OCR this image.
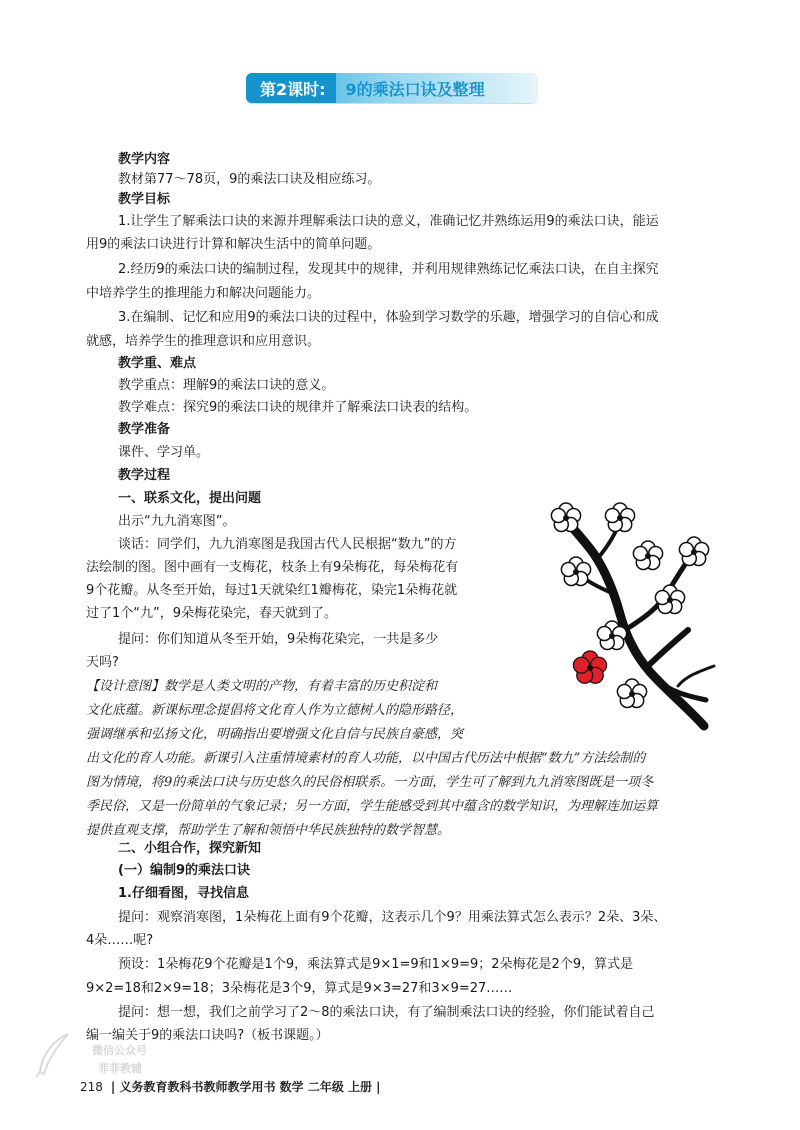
第2课时:	9的乘法口诀及整理
教学内容
教材第77～78页，9的乘法口诀及相应练习。
教学目标
1.让学生了解乘法口诀的来源并理解乘法口诀的意义，准确记忆并熟练运用9的乘法口诀，能运
用9的乘法口诀进行计算和解决生活中的简单问题。
2.经历9的乘法口诀的编制过程，发现其中的规律，并利用规律熟练记忆乘法口诀，在自主探究
中培养学生的推理能力和解决问题能力。
3.在编制、记忆和应用9的乘法口诀的过程中，体验到学习数学的乐趣，增强学习的自信心和成
就感，培养学生的推理意识和应用意识。
教学重、难点
教学重点：理解9的乘法口诀的意义。
教学难点：探究9的乘法口诀的规律并了解乘法口诀表的结构。
教学准备
课件、学习单。
教学过程
一、联系文化，提出问题
出示“九九消寒图”。
谈话：同学们，九九消寒图是我国古代人民根据“数九”的方
法绘制的图。图中画有一支梅花，枝条上有9朵梅花，每朵梅花有
9个花瓣。从冬至开始，每过1天就染红1瓣梅花，染完1朵梅花就
过了1个“九”，9朵梅花染完，春天就到了。
提问：你们知道从冬至开始，9朵梅花染完，一共是多少
天吗?
【设计意图】数学是人类文明的产物，有着丰富的历史积淀和
文化底蕴。新课标理念提倡将文化育人作为立德树人的隐形路径，
强调继承和弘扬文化，明确指出要增强文化自信与民族自豪感，突
出文化的育人功能。新课引入注重情境素材的育人功能，以中国古代历法中根据“数九”方法绘制的
图为情境，将9的乘法口诀与历史悠久的民俗相联系。一方面，学生可了解到九九消寒图既是一项冬
季民俗，又是一份简单的气象记录；另一方面，学生能感受到其中蕴含的数学知识，为理解连加运算
提供直观支撑，帮助学生了解和领悟中华民族独特的数学智慧。
二、小组合作，探究新知
(一）编制9的乘法口诀
1.仔细看图，寻找信息
提问：观察消寒图，1朵梅花上面有9个花瓣，这表示几个9？用乘法算式怎么表示？2朵、3朵、
4朵……呢?
预设：1朵梅花9个花瓣是1个9，乘法算式是9×1=9和1×9=9；2朵梅花是2个9，算式是
9×2=18和2×9=18；3朵梅花是3个9，算式是9×3=27和3×9=27……
提问：想一想，我们之前学习了2～8的乘法口诀，有了编制乘法口诀的经验，你们能试着自己
编一编关于9的乘法口诀吗?（板书课题。）
微信公众号
菲菲教辅
218 | 义务教育教科书教师教学用书 数学 二年级 上册 |
